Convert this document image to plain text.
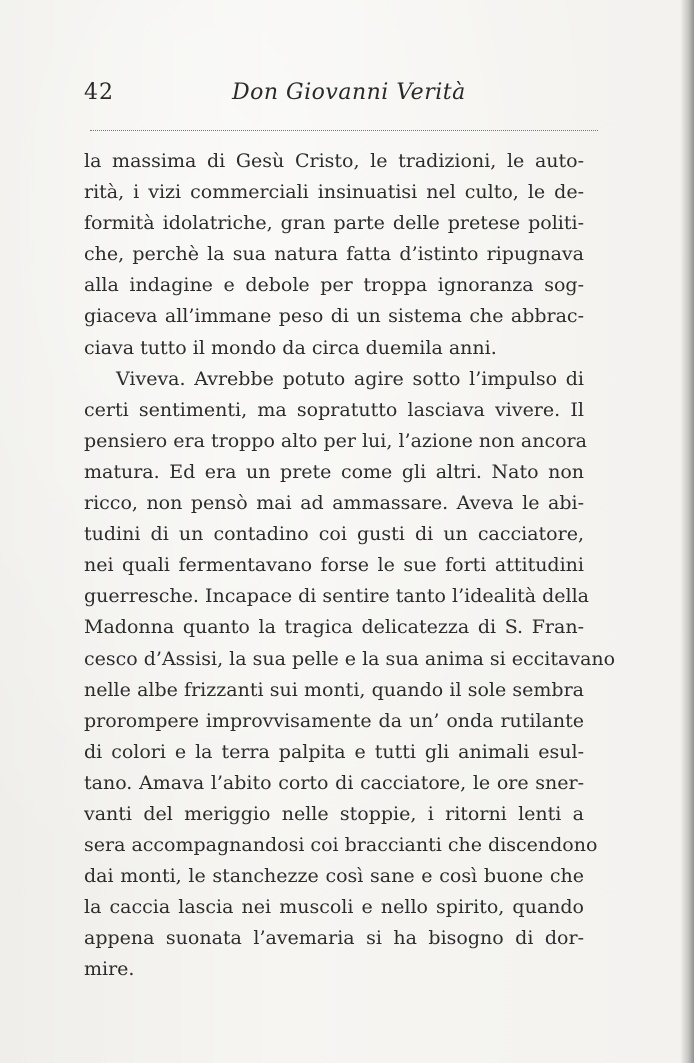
42	Don Giovanni Verità
la massima di Gesù Cristo, le tradizioni, le auto-
rità, i vizi commerciali insinuatisi nel culto, le de-
formità idolatriche, gran parte delle pretese politi-
che, perchè la sua natura fatta d’istinto ripugnava
alla indagine e debole per troppa ignoranza sog-
giaceva all’immane peso di un sistema che abbrac-
ciava tutto il mondo da circa duemila anni.
Viveva. Avrebbe potuto agire sotto l’impulso di
certi sentimenti, ma sopratutto lasciava vivere. Il
pensiero era troppo alto per lui, l’azione non ancora
matura. Ed era un prete come gli altri. Nato non
ricco, non pensò mai ad ammassare. Aveva le abi-
tudini di un contadino coi gusti di un cacciatore,
nei quali fermentavano forse le sue forti attitudini
guerresche. Incapace di sentire tanto l’idealità della
Madonna quanto la tragica delicatezza di S. Fran-
cesco d’Assisi, la sua pelle e la sua anima si eccitavano
nelle albe frizzanti sui monti, quando il sole sembra
prorompere improvvisamente da un’ onda rutilante
di colori e la terra palpita e tutti gli animali esul-
tano. Amava l’abito corto di cacciatore, le ore sner-
vanti del meriggio nelle stoppie, i ritorni lenti a
sera accompagnandosi coi braccianti che discendono
dai monti, le stanchezze così sane e così buone che
la caccia lascia nei muscoli e nello spirito, quando
appena suonata l’avemaria si ha bisogno di dor-
mire.
